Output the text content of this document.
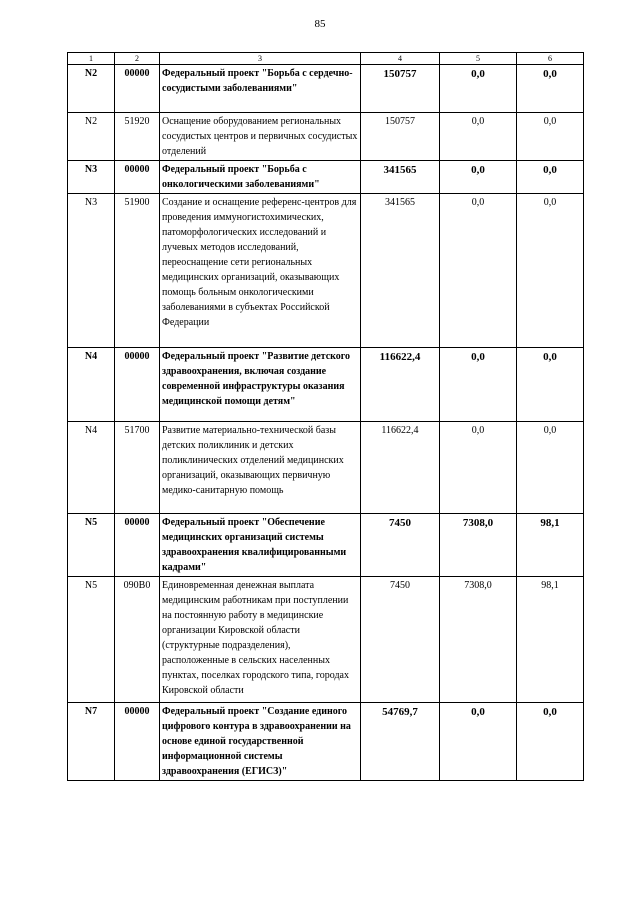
85
1	2	3	4	5	6
N2	00000	Федеральный проект "Борьба с сердечно-сосудистыми заболеваниями"	150757	0,0	0,0
N2	51920	Оснащение оборудованием региональных сосудистых центров и первичных сосудистых отделений	150757	0,0	0,0
N3	00000	Федеральный проект "Борьба с онкологическими заболеваниями"	341565	0,0	0,0
N3	51900	Создание и оснащение референс-центров для проведения иммуногистохимических, патоморфологических исследований и лучевых методов исследований, переоснащение сети региональных медицинских организаций, оказывающих помощь больным онкологическими заболеваниями в субъектах Российской Федерации	341565	0,0	0,0
N4	00000	Федеральный проект "Развитие детского здравоохранения, включая создание современной инфраструктуры оказания медицинской помощи детям"	116622,4	0,0	0,0
N4	51700	Развитие материально-технической базы детских поликлиник и детских поликлинических отделений медицинских организаций, оказывающих первичную медико-санитарную помощь	116622,4	0,0	0,0
N5	00000	Федеральный проект "Обеспечение медицинских организаций системы здравоохранения квалифицированными кадрами"	7450	7308,0	98,1
N5	090B0	Единовременная денежная выплата медицинским работникам при поступлении на постоянную работу в медицинские организации Кировской области (структурные подразделения), расположенные в сельских населенных пунктах, поселках городского типа, городах Кировской области	7450	7308,0	98,1
N7	00000	Федеральный проект "Создание единого цифрового контура в здравоохранении на основе единой государственной информационной системы здравоохранения (ЕГИСЗ)"	54769,7	0,0	0,0
